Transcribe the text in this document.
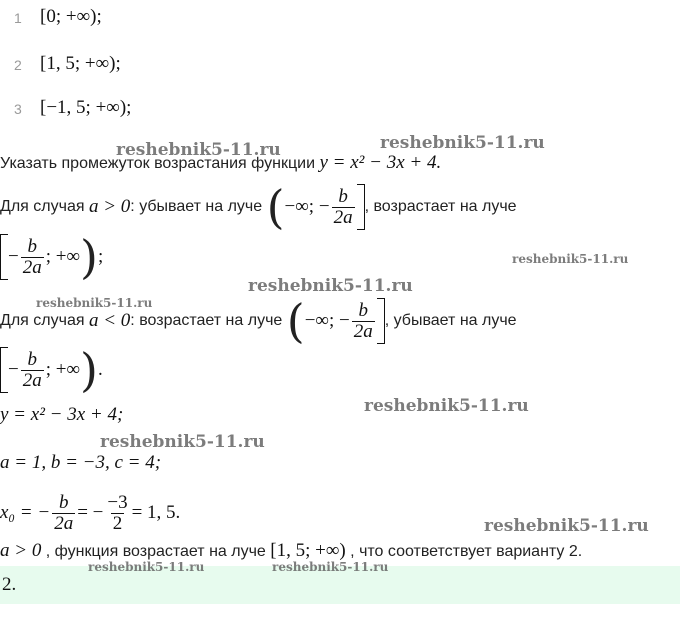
1 [0; +∞);
2 [1, 5; +∞);
3 [−1, 5; +∞);
Указать промежуток возрастания функции y = x² − 3x + 4.
Для случая
a > 0 : убывает на луче
( −∞; − $\frac{b}{2a}$ , возрастает на луче
− $\frac{b}{2a}$ ; +∞ ) ;
Для случая
a < 0 : возрастает на луче
( −∞; − $\frac{b}{2a}$ , убывает на луче
− $\frac{b}{2a}$ ; +∞ ) .
y = x² − 3x + 4;
a = 1, b = −3, c = 4;
x₀ = − $\frac{b}{2a}$ = − $\frac{-3}{2} = 1$, 5.
a > 0 , функция возрастает на луче [1, 5; +∞) , что соответствует варианту 2.
2.
reshebnik5-11.ru	reshebnik5-11.ru
reshebnik5-11.ru
reshebnik5-11.ru
reshebnik5-11.ru
reshebnik5-11.ru
reshebnik5-11.ru
reshebnik5-11.ru
reshebnik5-11.ru	reshebnik5-11.ru
